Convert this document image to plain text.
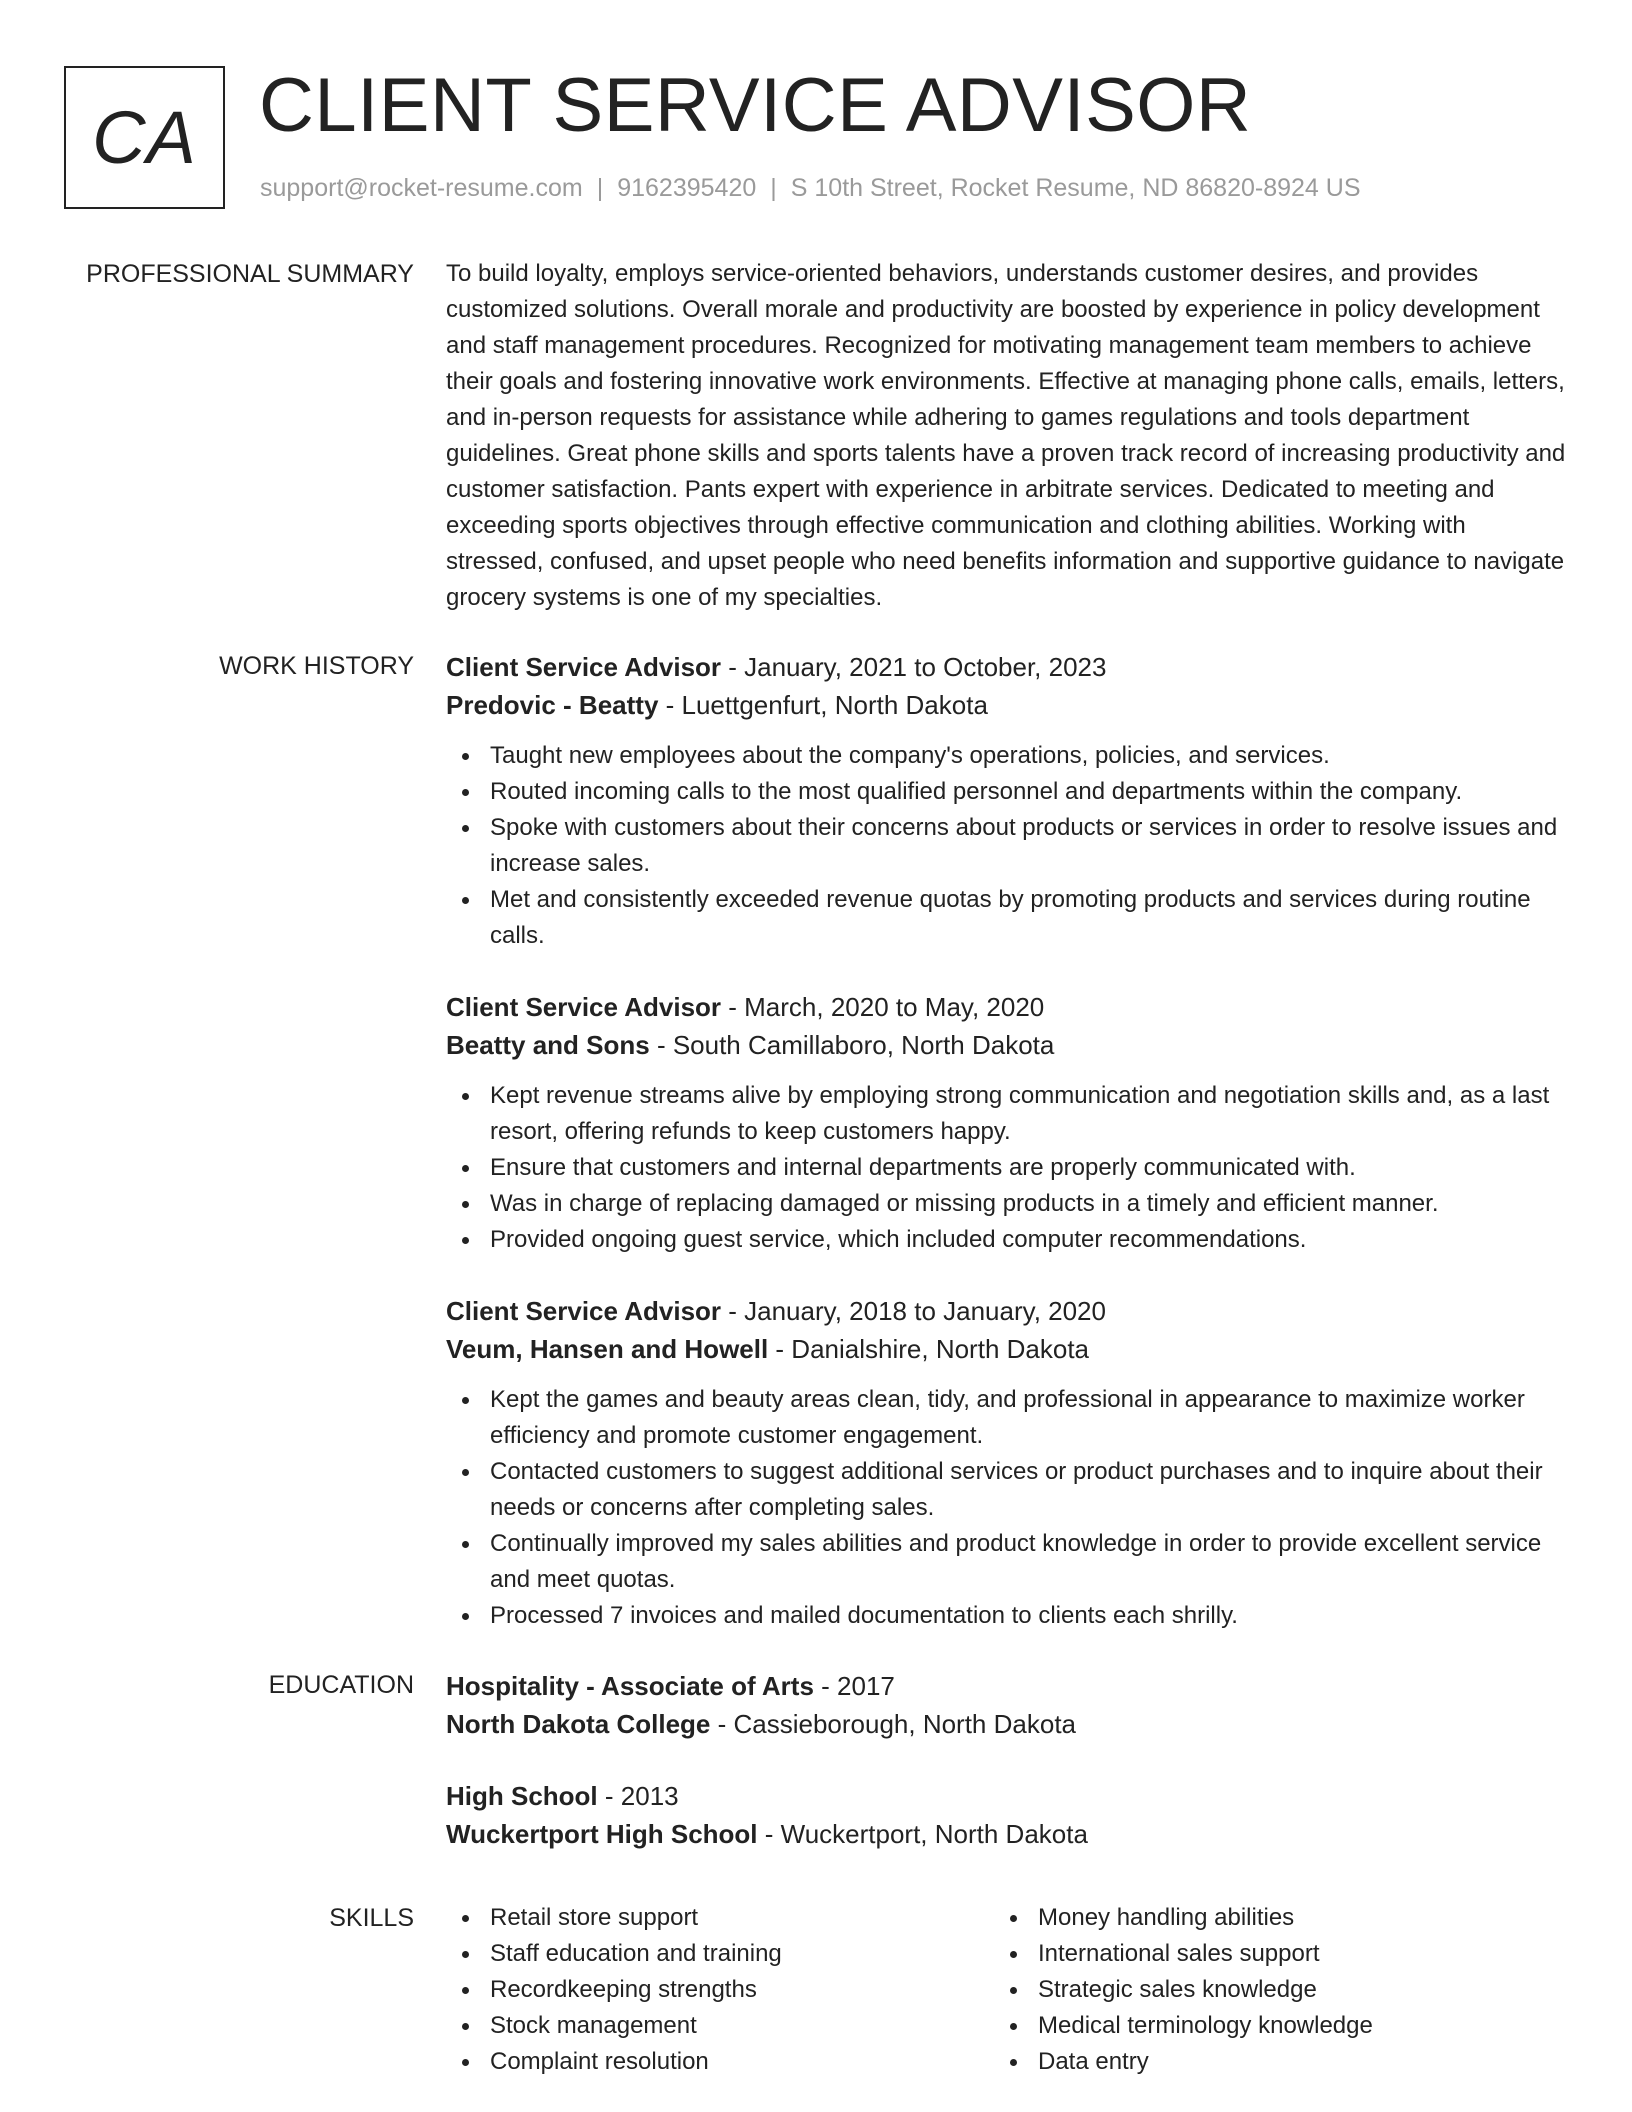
CA CLIENT SERVICE ADVISOR
support@rocket-resume.com | 9162395420 | S 10th Street, Rocket Resume, ND 86820-8924 US
PROFESSIONAL SUMMARY To build loyalty, employs service-oriented behaviors, understands customer desires, and provides customized solutions. Overall morale and productivity are boosted by experience in policy development and staff management procedures. Recognized for motivating management team members to achieve their goals and fostering innovative work environments. Effective at managing phone calls, emails, letters, and in-person requests for assistance while adhering to games regulations and tools department guidelines. Great phone skills and sports talents have a proven track record of increasing productivity and customer satisfaction. Pants expert with experience in arbitrate services. Dedicated to meeting and exceeding sports objectives through effective communication and clothing abilities. Working with stressed, confused, and upset people who need benefits information and supportive guidance to navigate grocery systems is one of my specialties.

WORK HISTORY Client Service Advisor - January, 2021 to October, 2023
Predovic - Beatty - Luettgenfurt, North Dakota
Taught new employees about the company's operations, policies, and services.
Routed incoming calls to the most qualified personnel and departments within the company.
Spoke with customers about their concerns about products or services in order to resolve issues and increase sales.
Met and consistently exceeded revenue quotas by promoting products and services during routine calls.
Client Service Advisor - March, 2020 to May, 2020
Beatty and Sons - South Camillaboro, North Dakota
Kept revenue streams alive by employing strong communication and negotiation skills and, as a last resort, offering refunds to keep customers happy.
Ensure that customers and internal departments are properly communicated with.
Was in charge of replacing damaged or missing products in a timely and efficient manner.
Provided ongoing guest service, which included computer recommendations.
Client Service Advisor - January, 2018 to January, 2020
Veum, Hansen and Howell - Danialshire, North Dakota
Kept the games and beauty areas clean, tidy, and professional in appearance to maximize worker efficiency and promote customer engagement.
Contacted customers to suggest additional services or product purchases and to inquire about their needs or concerns after completing sales.
Continually improved my sales abilities and product knowledge in order to provide excellent service and meet quotas.
Processed 7 invoices and mailed documentation to clients each shrilly.
EDUCATION Hospitality - Associate of Arts - 2017
North Dakota College - Cassieborough, North Dakota
High School - 2013
Wuckertport High School - Wuckertport, North Dakota
SKILLS	Retail store support
Staff education and training
Recordkeeping strengths
Stock management
Complaint resolution
Money handling abilities
International sales support
Strategic sales knowledge
Medical terminology knowledge
Data entry
